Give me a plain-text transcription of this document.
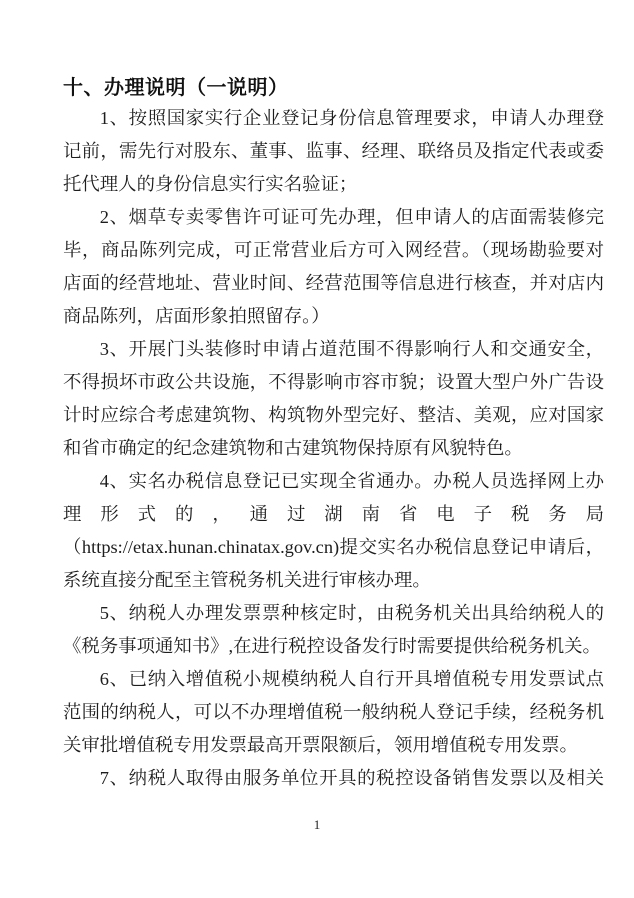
十、办理说明（一说明）

1、按照国家实行企业登记身份信息管理要求，申请人办理登记前，需先行对股东、董事、监事、经理、联络员及指定代表或委托代理人的身份信息实行实名验证；

2、烟草专卖零售许可证可先办理，但申请人的店面需装修完毕，商品陈列完成，可正常营业后方可入网经营。（现场勘验要对店面的经营地址、营业时间、经营范围等信息进行核查，并对店内商品陈列，店面形象拍照留存。）

3、开展门头装修时申请占道范围不得影响行人和交通安全，不得损坏市政公共设施，不得影响市容市貌；设置大型户外广告设计时应综合考虑建筑物、构筑物外型完好、整洁、美观，应对国家和省市确定的纪念建筑物和古建筑物保持原有风貌特色。

4、实名办税信息登记已实现全省通办。办税人员选择网上办理形式的，通过湖南省电子税务局（https://etax.hunan.chinatax.gov.cn)提交实名办税信息登记申请后，系统直接分配至主管税务机关进行审核办理。

5、纳税人办理发票票种核定时，由税务机关出具给纳税人的《税务事项通知书》,在进行税控设备发行时需要提供给税务机关。

6、已纳入增值税小规模纳税人自行开具增值税专用发票试点范围的纳税人，可以不办理增值税一般纳税人登记手续，经税务机关审批增值税专用发票最高开票限额后，领用增值税专用发票。

7、纳税人取得由服务单位开具的税控设备销售发票以及相关

1
